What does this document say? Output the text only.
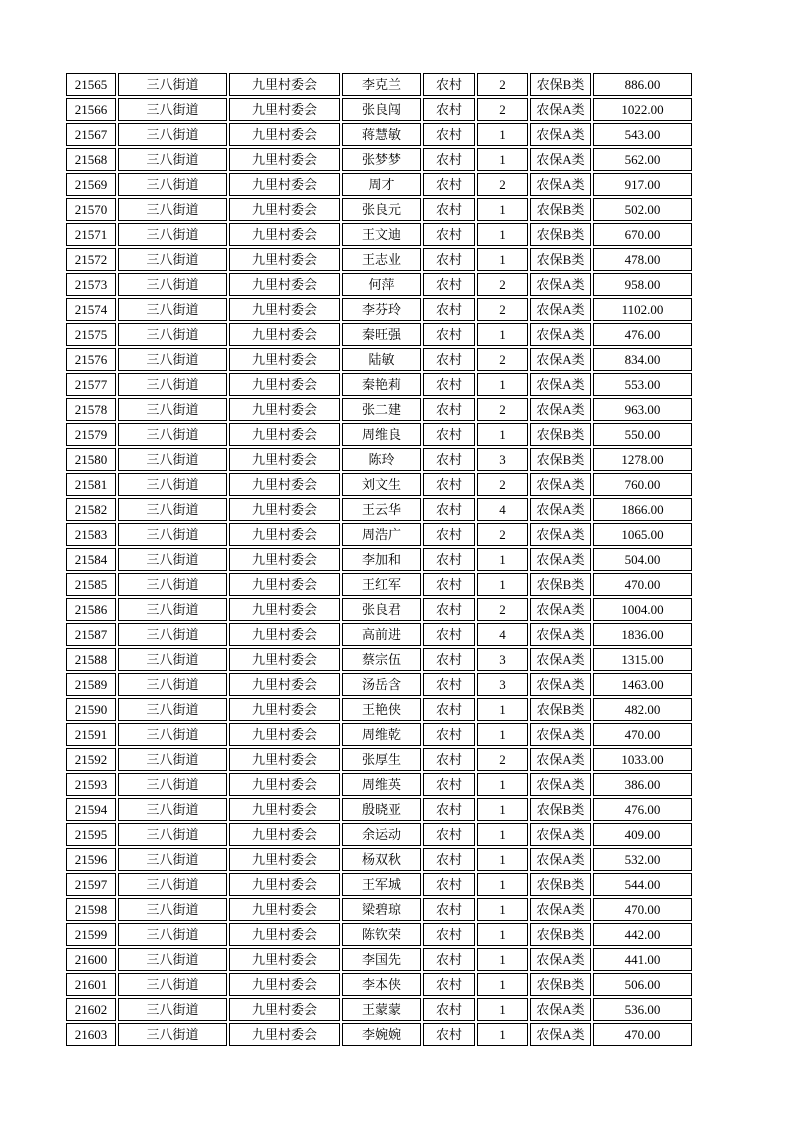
21565	三八街道	九里村委会	李克兰	农村	2	农保B类	886.00
21566	三八街道	九里村委会	张良闯	农村	2	农保A类	1022.00
21567	三八街道	九里村委会	蒋慧敏	农村	1	农保A类	543.00
21568	三八街道	九里村委会	张梦梦	农村	1	农保A类	562.00
21569	三八街道	九里村委会	周才	农村	2	农保A类	917.00
21570	三八街道	九里村委会	张良元	农村	1	农保B类	502.00
21571	三八街道	九里村委会	王文迪	农村	1	农保B类	670.00
21572	三八街道	九里村委会	王志业	农村	1	农保B类	478.00
21573	三八街道	九里村委会	何萍	农村	2	农保A类	958.00
21574	三八街道	九里村委会	李芬玲	农村	2	农保A类	1102.00
21575	三八街道	九里村委会	秦旺强	农村	1	农保A类	476.00
21576	三八街道	九里村委会	陆敏	农村	2	农保A类	834.00
21577	三八街道	九里村委会	秦艳莉	农村	1	农保A类	553.00
21578	三八街道	九里村委会	张二建	农村	2	农保A类	963.00
21579	三八街道	九里村委会	周维良	农村	1	农保B类	550.00
21580	三八街道	九里村委会	陈玲	农村	3	农保B类	1278.00
21581	三八街道	九里村委会	刘文生	农村	2	农保A类	760.00
21582	三八街道	九里村委会	王云华	农村	4	农保A类	1866.00
21583	三八街道	九里村委会	周浩广	农村	2	农保A类	1065.00
21584	三八街道	九里村委会	李加和	农村	1	农保A类	504.00
21585	三八街道	九里村委会	王红军	农村	1	农保B类	470.00
21586	三八街道	九里村委会	张良君	农村	2	农保A类	1004.00
21587	三八街道	九里村委会	高前进	农村	4	农保A类	1836.00
21588	三八街道	九里村委会	蔡宗伍	农村	3	农保A类	1315.00
21589	三八街道	九里村委会	汤岳含	农村	3	农保A类	1463.00
21590	三八街道	九里村委会	王艳侠	农村	1	农保B类	482.00
21591	三八街道	九里村委会	周维乾	农村	1	农保A类	470.00
21592	三八街道	九里村委会	张厚生	农村	2	农保A类	1033.00
21593	三八街道	九里村委会	周维英	农村	1	农保A类	386.00
21594	三八街道	九里村委会	殷晓亚	农村	1	农保B类	476.00
21595	三八街道	九里村委会	余运动	农村	1	农保A类	409.00
21596	三八街道	九里村委会	杨双秋	农村	1	农保A类	532.00
21597	三八街道	九里村委会	王军城	农村	1	农保B类	544.00
21598	三八街道	九里村委会	梁碧琼	农村	1	农保A类	470.00
21599	三八街道	九里村委会	陈钦荣	农村	1	农保B类	442.00
21600	三八街道	九里村委会	李国先	农村	1	农保A类	441.00
21601	三八街道	九里村委会	李本侠	农村	1	农保B类	506.00
21602	三八街道	九里村委会	王蒙蒙	农村	1	农保A类	536.00
21603	三八街道	九里村委会	李婉婉	农村	1	农保A类	470.00
